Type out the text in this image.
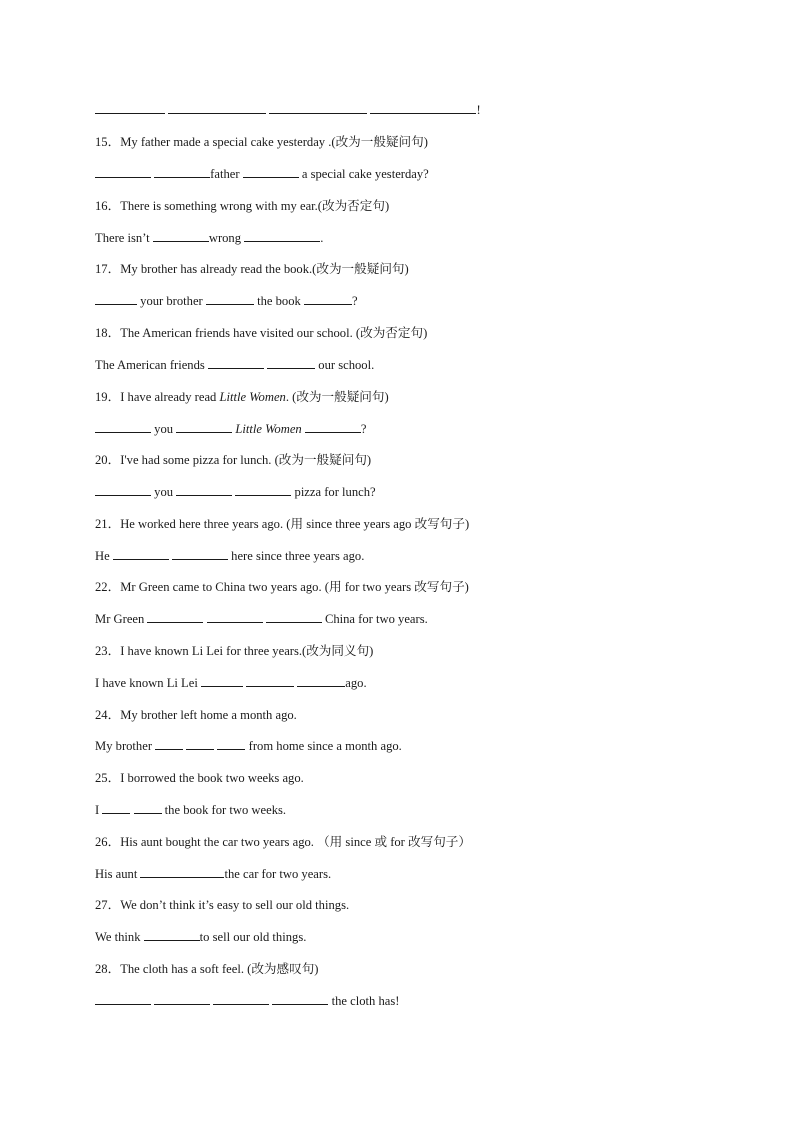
!
15．My father made a special cake yesterday .(改为一般疑问句)
father	a special cake yesterday?
16．There is something wrong with my ear.(改为否定句)
There isn’t	wrong	.
17．My brother has already read the book.(改为一般疑问句)
your brother	the book	?
18．The American friends have visited our school. (改为否定句)
The American friends	our school.
19．I have already read Little Women. (改为一般疑问句)
you	Little Women	?
20．I've had some pizza for lunch. (改为一般疑问句)
you	pizza for lunch?
21．He worked here three years ago. (用 since three years ago 改写句子)
He	here since three years ago.
22．Mr Green came to China two years ago. (用 for two years 改写句子)
Mr Green	China for two years.
23．I have known Li Lei for three years.(改为同义句)
I have known Li Lei	ago.
24．My brother left home a month ago.
My brother	from home since a month ago.
25．I borrowed the book two weeks ago.
I	the book for two weeks.
26．His aunt bought the car two years ago. （用 since 或 for 改写句子）
His aunt	the car for two years.
27．We don’t think it’s easy to sell our old things.
We think	to sell our old things.
28．The cloth has a soft feel. (改为感叹句)
the cloth has!
